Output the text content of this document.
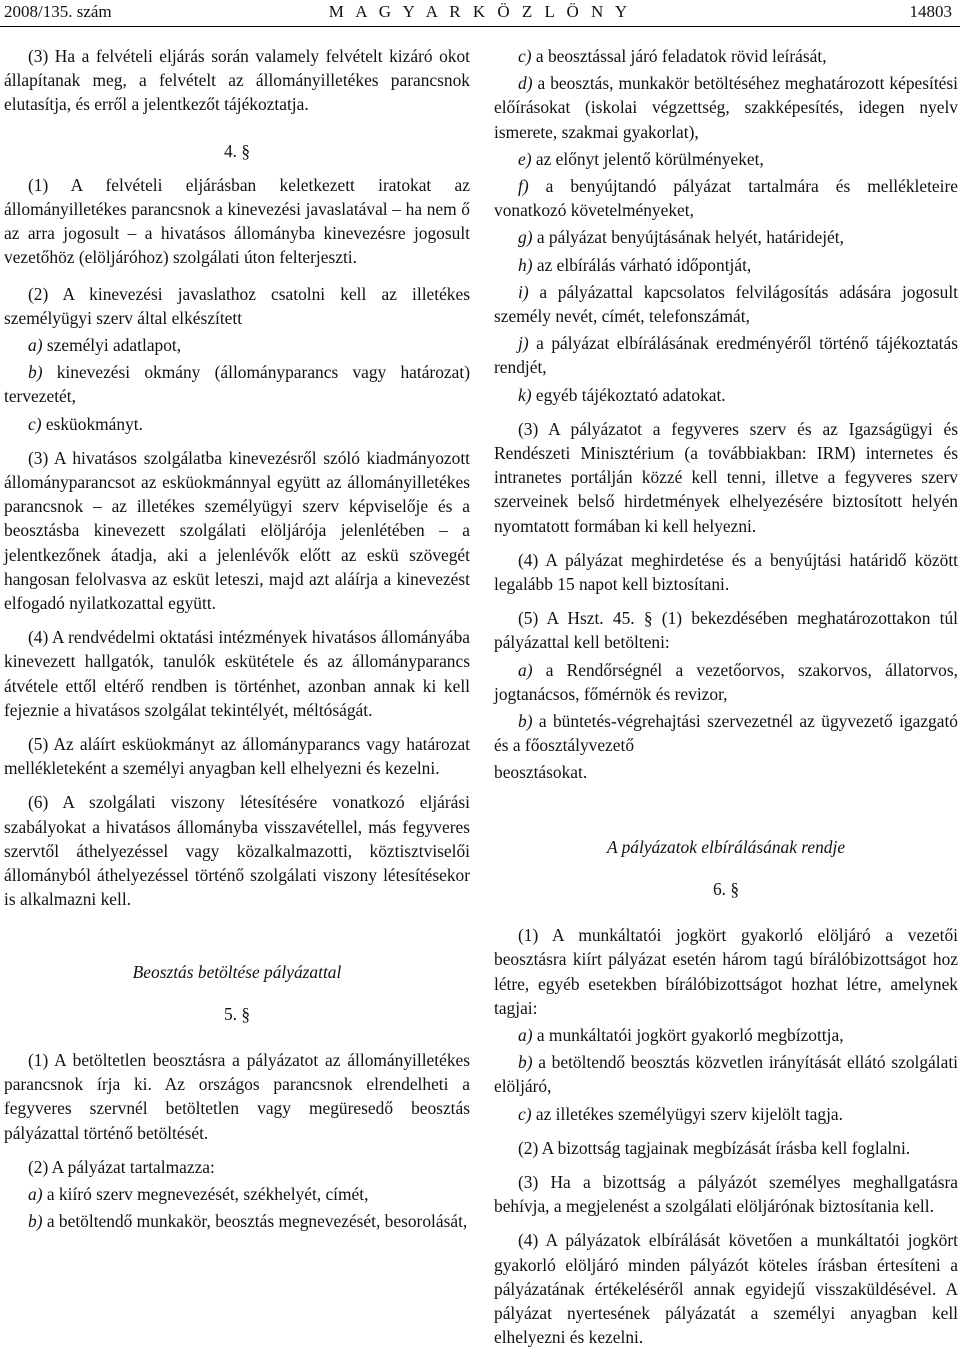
2008/135. szám	M A G Y A R K Ö Z L Ö N Y	14803

(3) Ha a felvételi eljárás során valamely felvételt kizáró okot állapítanak meg, a felvételt az állományilletékes parancsnok elutasítja, és erről a jelentkezőt tájékoztatja.

4. §

(1) A felvételi eljárásban keletkezett iratokat az állományilletékes parancsnok a kinevezési javaslatával – ha nem ő az arra jogosult – a hivatásos állományba kinevezésre jogosult vezetőhöz (elöljáróhoz) szolgálati úton felterjeszti.

(2) A kinevezési javaslathoz csatolni kell az illetékes személyügyi szerv által elkészített

a) személyi adatlapot,

b) kinevezési okmány (állományparancs vagy határozat) tervezetét,

c) esküokmányt.

(3) A hivatásos szolgálatba kinevezésről szóló kiadmányozott állományparancsot az esküokmánnyal együtt az állományilletékes parancsnok – az illetékes személyügyi szerv képviselője és a beosztásba kinevezett szolgálati elöljárója jelenlétében – a jelentkezőnek átadja, aki a jelenlévők előtt az eskü szövegét hangosan felolvasva az esküt leteszi, majd azt aláírja a kinevezést elfogadó nyilatkozattal együtt.

(4) A rendvédelmi oktatási intézmények hivatásos állományába kinevezett hallgatók, tanulók eskütétele és az állományparancs átvétele ettől eltérő rendben is történhet, azonban annak ki kell fejeznie a hivatásos szolgálat tekintélyét, méltóságát.

(5) Az aláírt esküokmányt az állományparancs vagy határozat mellékleteként a személyi anyagban kell elhelyezni és kezelni.

(6) A szolgálati viszony létesítésére vonatkozó eljárási szabályokat a hivatásos állományba visszavétellel, más fegyveres szervtől áthelyezéssel vagy közalkalmazotti, köztisztviselői állományból áthelyezéssel történő szolgálati viszony létesítésekor is alkalmazni kell.

Beosztás betöltése pályázattal

5. §

(1) A betöltetlen beosztásra a pályázatot az állományilletékes parancsnok írja ki. Az országos parancsnok elrendelheti a fegyveres szervnél betöltetlen vagy megüresedő beosztás pályázattal történő betöltését.

(2) A pályázat tartalmazza:

a) a kiíró szerv megnevezését, székhelyét, címét,

b) a betöltendő munkakör, beosztás megnevezését, besorolását,

c) a beosztással járó feladatok rövid leírását,

d) a beosztás, munkakör betöltéséhez meghatározott képesítési előírásokat (iskolai végzettség, szakképesítés, idegen nyelv ismerete, szakmai gyakorlat),

e) az előnyt jelentő körülményeket,

f) a benyújtandó pályázat tartalmára és mellékleteire vonatkozó követelményeket,

g) a pályázat benyújtásának helyét, határidejét,

h) az elbírálás várható időpontját,

i) a pályázattal kapcsolatos felvilágosítás adására jogosult személy nevét, címét, telefonszámát,

j) a pályázat elbírálásának eredményéről történő tájékoztatás rendjét,

k) egyéb tájékoztató adatokat.

(3) A pályázatot a fegyveres szerv és az Igazságügyi és Rendészeti Minisztérium (a továbbiakban: IRM) internetes és intranetes portálján közzé kell tenni, illetve a fegyveres szerv szerveinek belső hirdetmények elhelyezésére biztosított helyén nyomtatott formában ki kell helyezni.

(4) A pályázat meghirdetése és a benyújtási határidő között legalább 15 napot kell biztosítani.

(5) A Hszt. 45. § (1) bekezdésében meghatározottakon túl pályázattal kell betölteni:

a) a Rendőrségnél a vezetőorvos, szakorvos, állatorvos, jogtanácsos, főmérnök és revizor,

b) a büntetés-végrehajtási szervezetnél az ügyvezető igazgató és a főosztályvezető

beosztásokat.

A pályázatok elbírálásának rendje

6. §

(1) A munkáltatói jogkört gyakorló elöljáró a vezetői beosztásra kiírt pályázat esetén három tagú bírálóbizottságot hoz létre, egyéb esetekben bírálóbizottságot hozhat létre, amelynek tagjai:

a) a munkáltatói jogkört gyakorló megbízottja,

b) a betöltendő beosztás közvetlen irányítását ellátó szolgálati elöljáró,

c) az illetékes személyügyi szerv kijelölt tagja.

(2) A bizottság tagjainak megbízását írásba kell foglalni.

(3) Ha a bizottság a pályázót személyes meghallgatásra behívja, a megjelenést a szolgálati elöljárónak biztosítania kell.

(4) A pályázatok elbírálását követően a munkáltatói jogkört gyakorló elöljáró minden pályázót köteles írásban értesíteni a pályázatának értékeléséről annak egyidejű visszaküldésével. A pályázat nyertesének pályázatát a személyi anyagban kell elhelyezni és kezelni.
